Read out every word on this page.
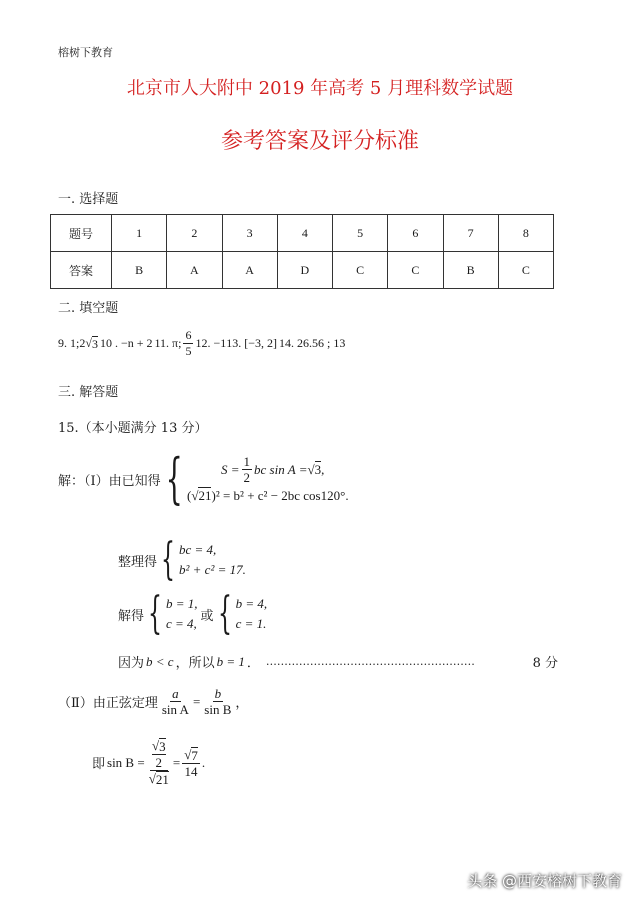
榕树下教育
北京市人大附中 2019 年高考 5 月理科数学试题
参考答案及评分标准
一. 选择题
题号	1	2	3	4	5	6	7	8
答案	B	A	A	D	C	C	B	C
二. 填空题
9. 1;2 √ 3 10 . −n + 2 11. π; $\frac{6}{5} 12$. −1 13. [−3, 2] 14. 26.56 ; 13
三. 解答题
15.（本小题满分 13 分）
解：（Ⅰ）由已知得 {	$S = \frac{1}{2}$ bc sin A = √ 3 ,
( √ 21 )² = b² + c² − 2bc cos120°.
整理得 { bc = 4,
b² + c² = 17.
解得 { b = 1,
c = 4, 或 { b = 4,
c = 1.
因为 b < c ，所以 b = 1 ． …………………………………………………	8 分
（Ⅱ）由正弦定理 $\frac{a}{\text{sin A}} = \frac{b}{\text{sin B}}$ ，
即 sin B = √ 3
2
√ $21 = \frac{√ 7}{14}$ .
头条 @西安榕树下教育
